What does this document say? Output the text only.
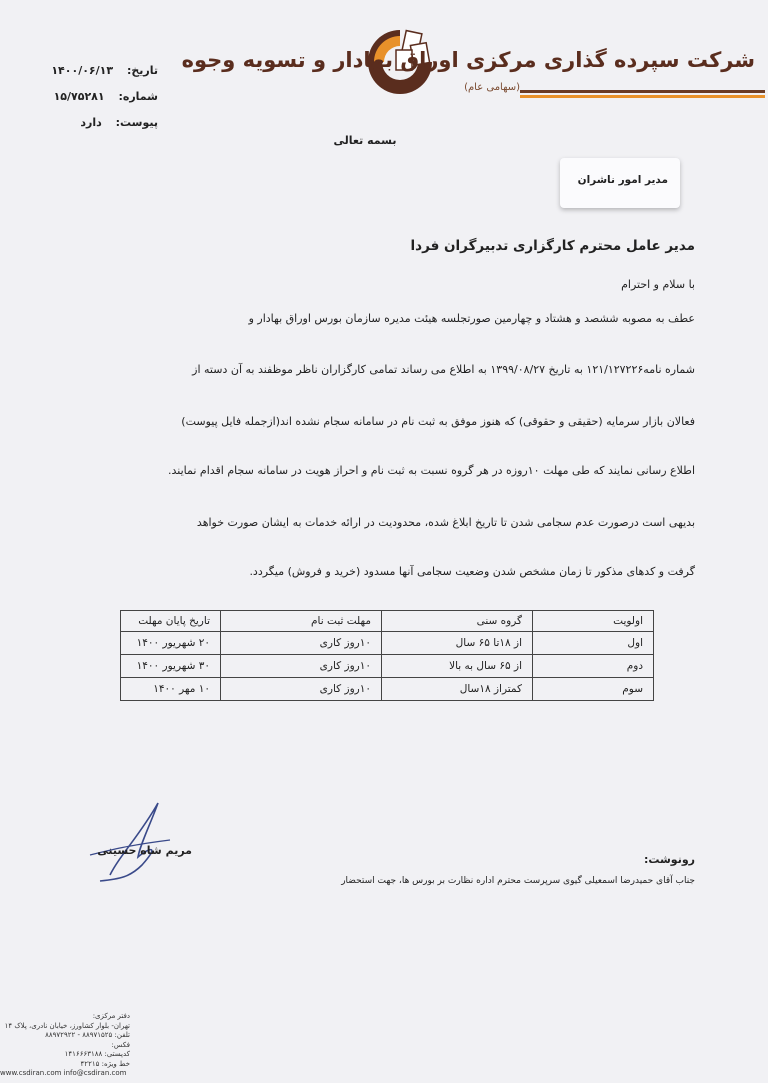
شرکت سپرده گذاری مرکزی اوراق بهادار و تسویه وجوه
(سهامی عام)
تاریخ: ۱۴۰۰/۰۶/۱۳
شماره: ۱۵/۷۵۲۸۱
پیوست: دارد
بسمه تعالی
مدیر امور ناشران
مدیر عامل محترم کارگزاری تدبیرگران فردا
با سلام و احترام
عطف به مصوبه ششصد و هشتاد و چهارمین صورتجلسه هیئت مدیره سازمان بورس اوراق بهادار و
شماره نامه۱۲۱/۱۲۷۲۲۶ به تاریخ ۱۳۹۹/۰۸/۲۷ به اطلاع می رساند تمامی کارگزاران ناظر موظفند به آن دسته از
فعالان بازار سرمایه (حقیقی و حقوقی) که هنوز موفق به ثبت نام در سامانه سجام نشده اند(ازجمله فایل پیوست)
اطلاع رسانی نمایند که طی مهلت ۱۰روزه در هر گروه نسبت به ثبت نام و احراز هویت در سامانه سجام اقدام نمایند.
بدیهی است درصورت عدم سجامی شدن تا تاریخ ابلاغ شده، محدودیت در ارائه خدمات به ایشان صورت خواهد
گرفت و کدهای مذکور تا زمان مشخص شدن وضعیت سجامی آنها مسدود (خرید و فروش) میگردد.
اولویت	گروه سنی	مهلت ثبت نام	تاریخ پایان مهلت
اول	از ۱۸تا ۶۵ سال	۱۰روز کاری	۲۰ شهریور ۱۴۰۰
دوم	از ۶۵ سال به بالا	۱۰روز کاری	۳۰ شهریور ۱۴۰۰
سوم	کمتراز ۱۸سال	۱۰روز کاری	۱۰ مهر ۱۴۰۰
مریم شاه حسینی
رونوشت:
جناب آقای حمیدرضا اسمعیلی گیوی سرپرست محترم اداره نظارت بر بورس ها، جهت استحضار
دفتر مرکزی:
تهران- بلوار کشاورز، خیابان نادری، پلاک ۱۴
تلفن: ۸۸۹۷۱۵۲۵ - ۸۸۹۷۲۹۲۲
فکس:
کدپستی: ۱۴۱۶۶۶۳۱۸۸
خط ویژه: ۴۲۲۱۵
www.csdiran.com info@csdiran.com
